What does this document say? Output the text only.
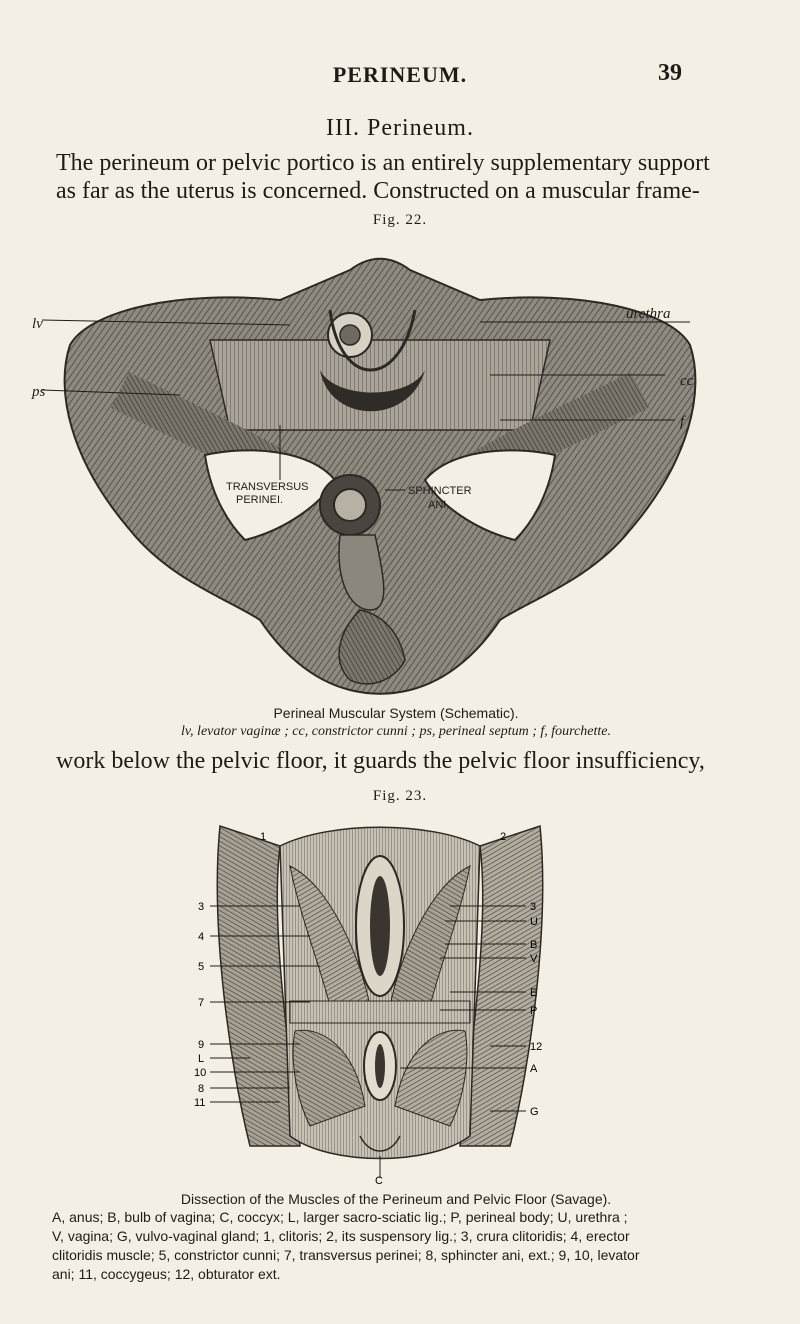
PERINEUM.	39
III. Perineum.
The perineum or pelvic portico is an entirely supplementary support
as far as the uterus is concerned. Constructed on a muscular frame-
Fig. 22.
lv
ps
urethra
cc
f
TRANSVERSUS
PERINEI.
SPHINCTER
ANI.
Perineal Muscular System (Schematic).
lv, levator vaginæ ; cc, constrictor cunni ; ps, perineal septum ; f, fourchette.
work below the pelvic floor, it guards the pelvic floor insufficiency,
Fig. 23.
1
3
4
5
7
9
L
10
8
11
2
3
U
B
V
E
P
12
A
G
C
Dissection of the Muscles of the Perineum and Pelvic Floor (Savage).
A, anus; B, bulb of vagina; C, coccyx; L, larger sacro-sciatic lig.; P, perineal body; U, urethra ;
V, vagina; G, vulvo-vaginal gland; 1, clitoris; 2, its suspensory lig.; 3, crura clitoridis; 4, erector
clitoridis muscle; 5, constrictor cunni; 7, transversus perinei; 8, sphincter ani, ext.; 9, 10, levator
ani; 11, coccygeus; 12, obturator ext.
